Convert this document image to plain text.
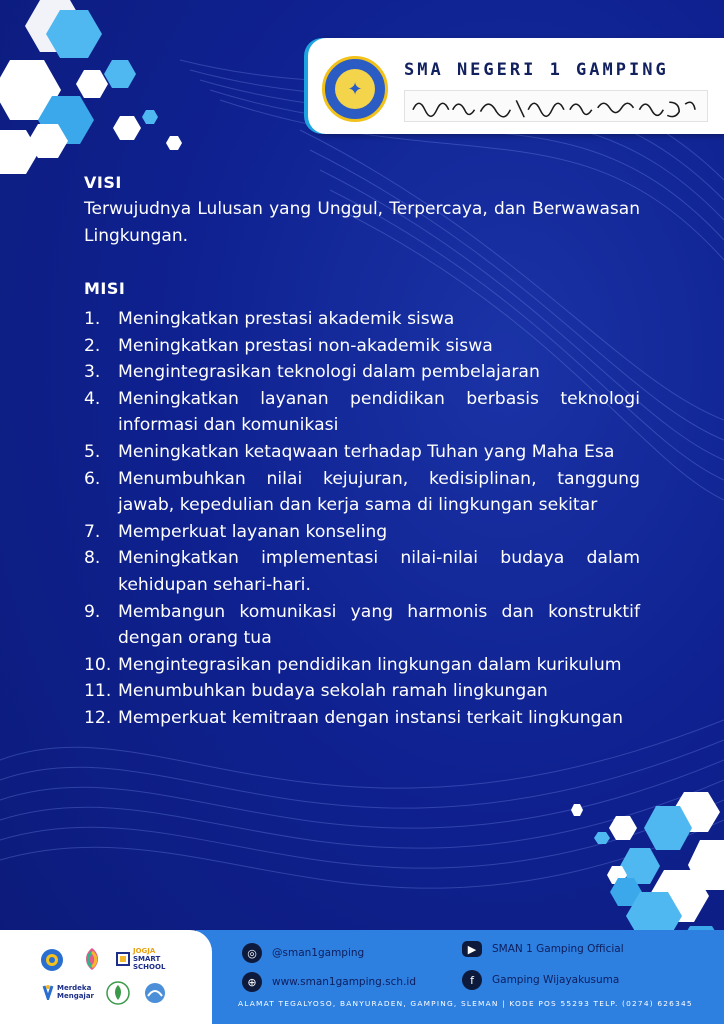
✦
SMA NEGERI 1 GAMPING
VISI
Terwujudnya Lulusan yang Unggul, Terpercaya, dan Berwawasan Lingkungan.
MISI
1.	Meningkatkan prestasi akademik siswa
2.	Meningkatkan prestasi non-akademik siswa
3.	Mengintegrasikan teknologi dalam pembelajaran
4.	Meningkatkan layanan pendidikan berbasis teknologi informasi dan komunikasi
5.	Meningkatkan ketaqwaan terhadap Tuhan yang Maha Esa
6.	Menumbuhkan nilai kejujuran, kedisiplinan, tanggung jawab, kepedulian dan kerja sama di lingkungan sekitar
7.	Memperkuat layanan konseling
8.	Meningkatkan implementasi nilai-nilai budaya dalam kehidupan sehari-hari.
9.	Membangun komunikasi yang harmonis dan konstruktif dengan orang tua
10. Mengintegrasikan pendidikan lingkungan dalam kurikulum
11. Menumbuhkan budaya sekolah ramah lingkungan
12. Memperkuat kemitraan dengan instansi terkait lingkungan
JOGJA
SMART
SCHOOL
Merdeka
Mengajar
◎	@sman1gamping
⊕	www.sman1gamping.sch.id
▶	SMAN 1 Gamping Official
f	Gamping Wijayakusuma
ALAMAT TEGALYOSO, BANYURADEN, GAMPING, SLEMAN | KODE POS 55293 TELP. (0274) 626345
